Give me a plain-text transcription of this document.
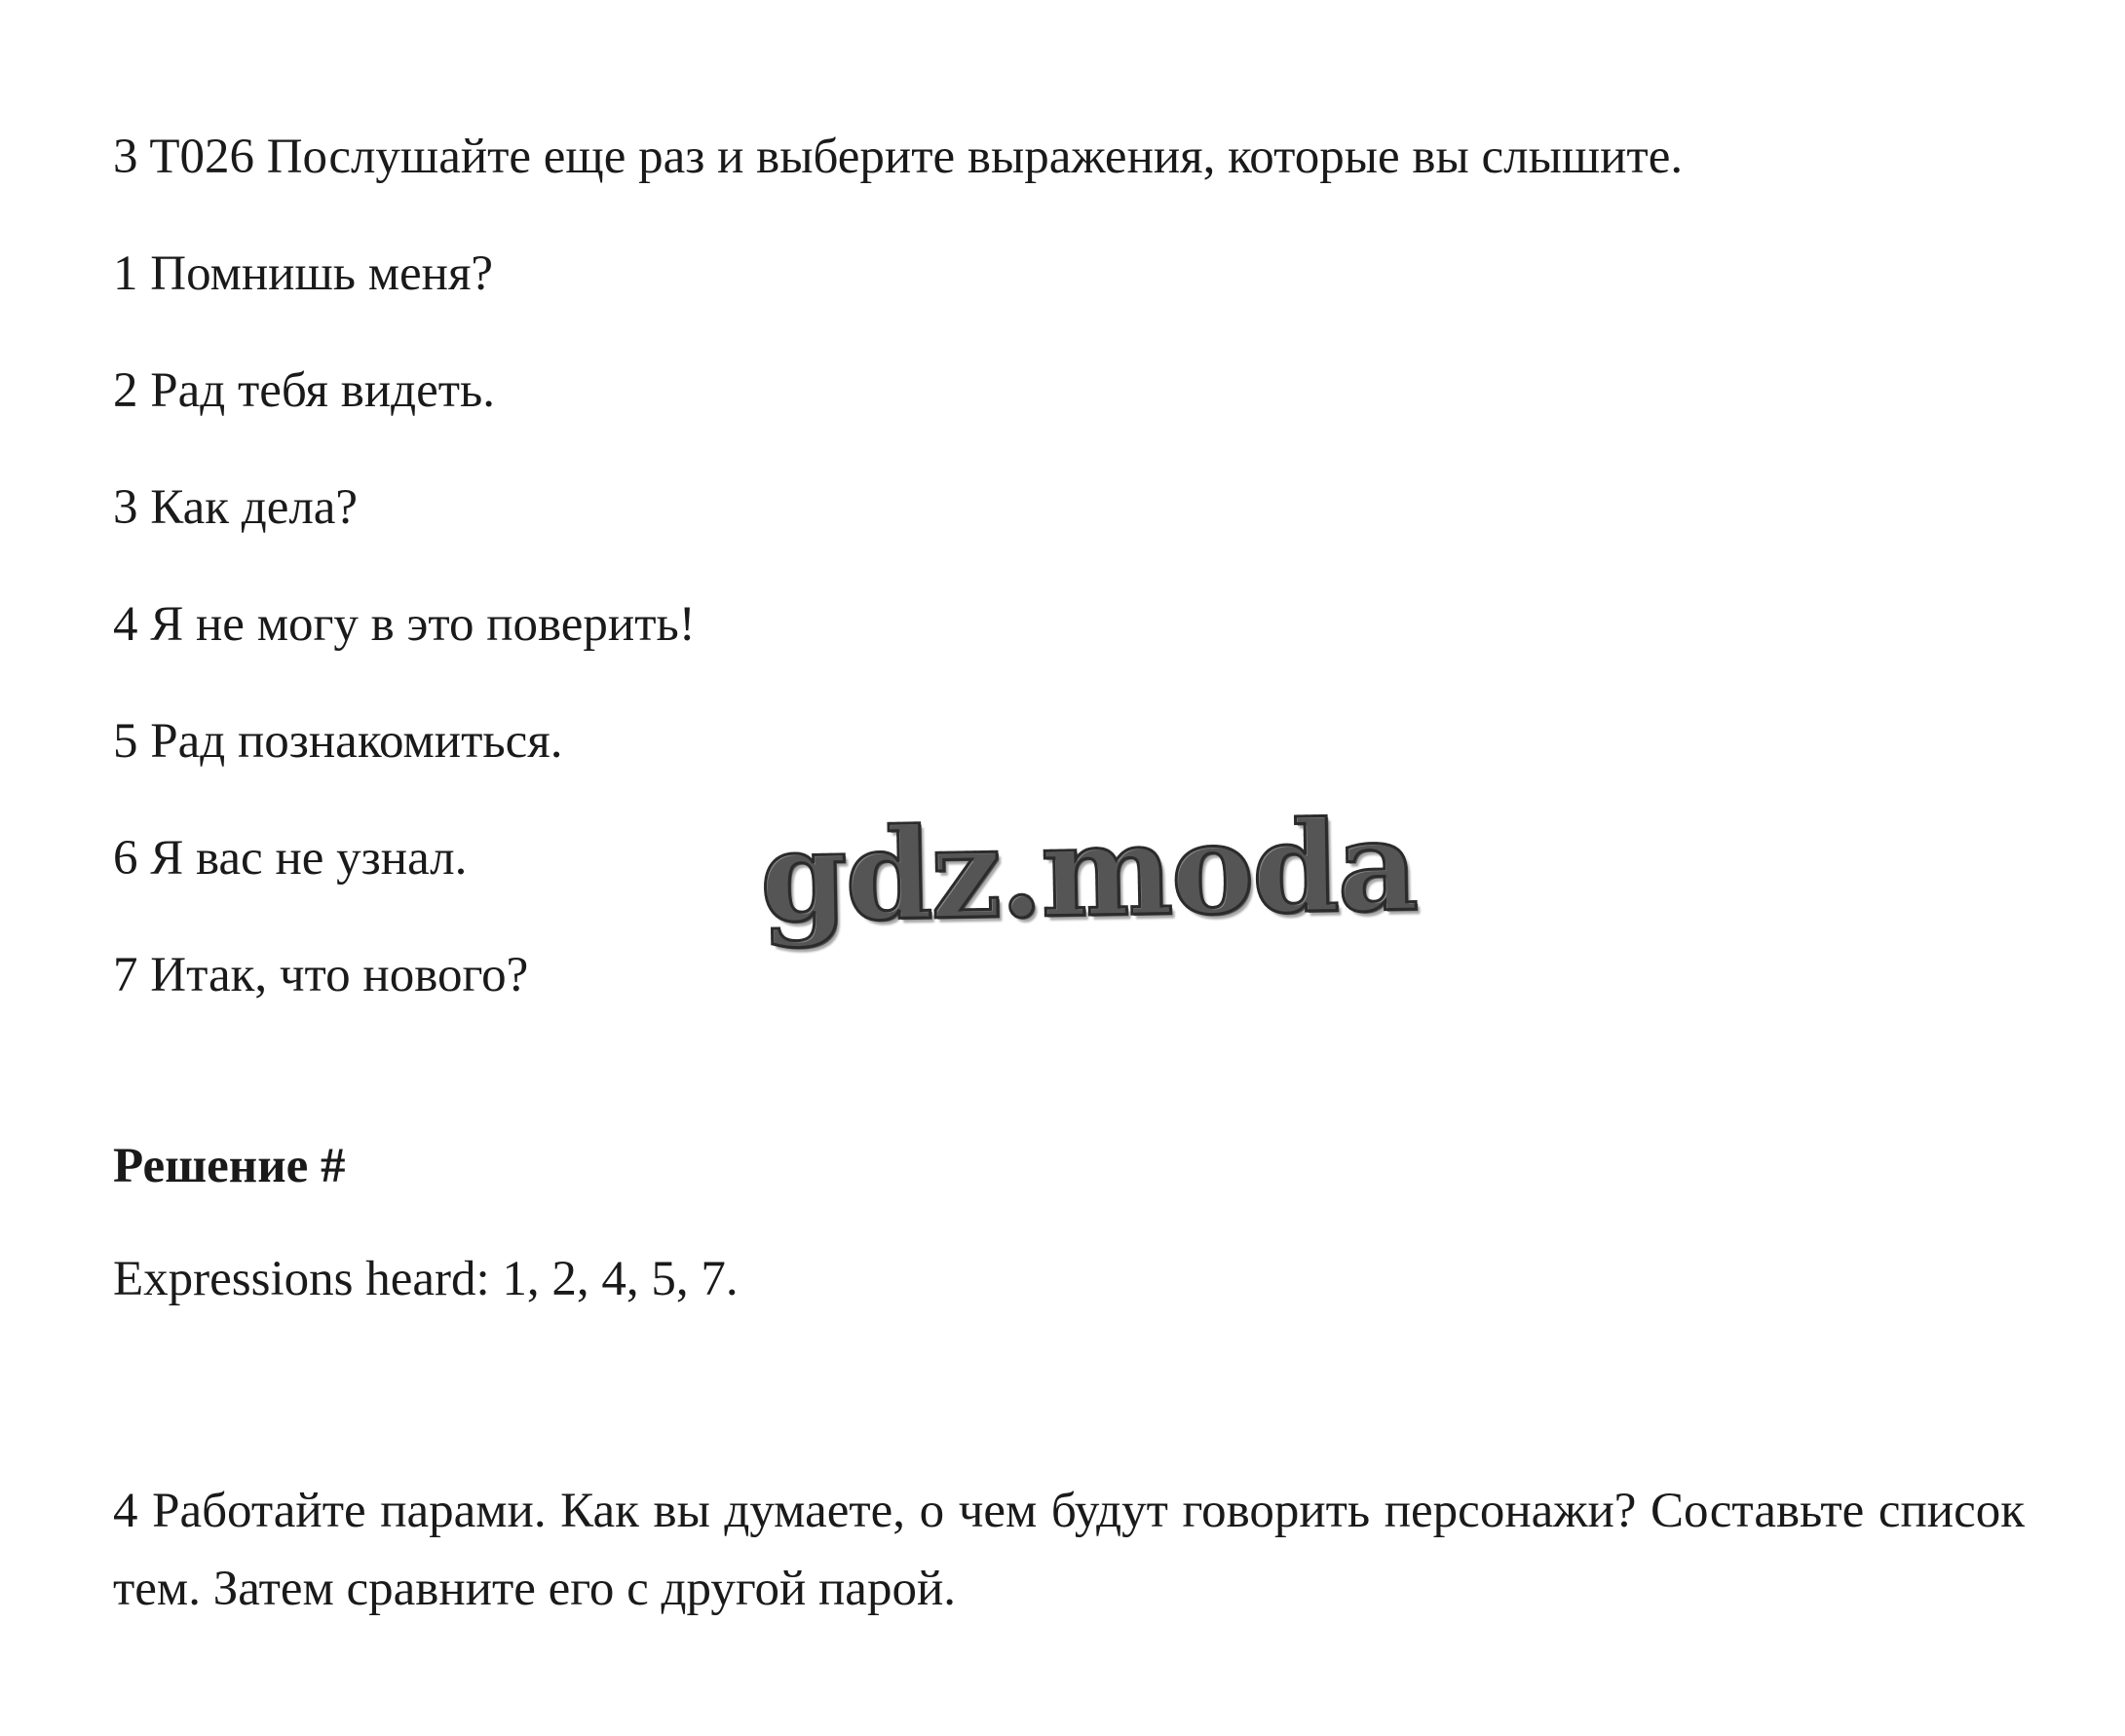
3 T026 Послушайте еще раз и выберите выражения, которые вы слышите.
1 Помнишь меня?
2 Рад тебя видеть.
3 Как дела?
4 Я не могу в это поверить!
5 Рад познакомиться.
6 Я вас не узнал.
7 Итак, что нового?
Решение #
Expressions heard: 1, 2, 4, 5, 7.
4 Работайте парами. Как вы думаете, о чем будут говорить персонажи? Составьте список тем. Затем сравните его с другой парой.
gdz.moda
